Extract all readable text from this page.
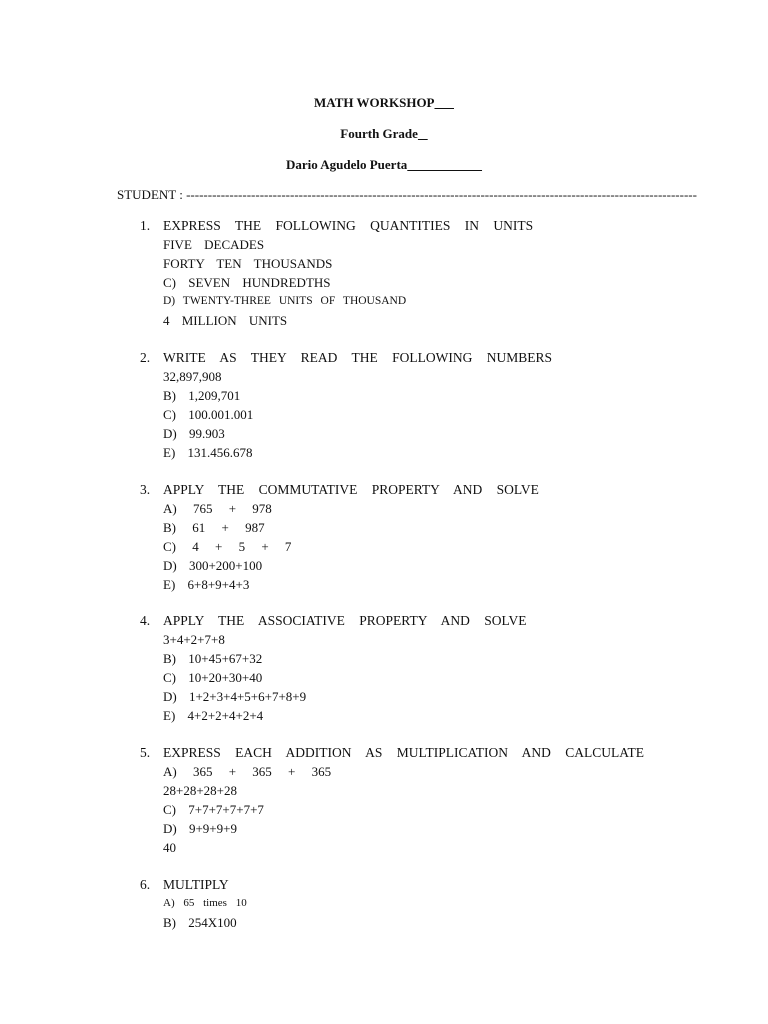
MATH WORKSHOP
Fourth Grade
Dario Agudelo Puerta
STUDENT : ----------------------------------------------------------------------------------------------------------------------
1. EXPRESS THE FOLLOWING QUANTITIES IN UNITS
FIVE DECADES
FORTY TEN THOUSANDS
C) SEVEN HUNDREDTHS
D) TWENTY-THREE UNITS OF THOUSAND
4 MILLION UNITS
2. WRITE AS THEY READ THE FOLLOWING NUMBERS
32,897,908
B) 1,209,701
C) 100.001.001
D) 99.903
E) 131.456.678
3. APPLY THE COMMUTATIVE PROPERTY AND SOLVE
A) 765 + 978
B) 61 + 987
C) 4 + 5 + 7
D) 300+200+100
E) 6+8+9+4+3
4. APPLY THE ASSOCIATIVE PROPERTY AND SOLVE
3+4+2+7+8
B) 10+45+67+32
C) 10+20+30+40
D) 1+2+3+4+5+6+7+8+9
E) 4+2+2+4+2+4
5. EXPRESS EACH ADDITION AS MULTIPLICATION AND CALCULATE
A) 365 + 365 + 365
28+28+28+28
C) 7+7+7+7+7+7
D) 9+9+9+9
40
6. MULTIPLY
A) 65 times 10
B) 254X100
